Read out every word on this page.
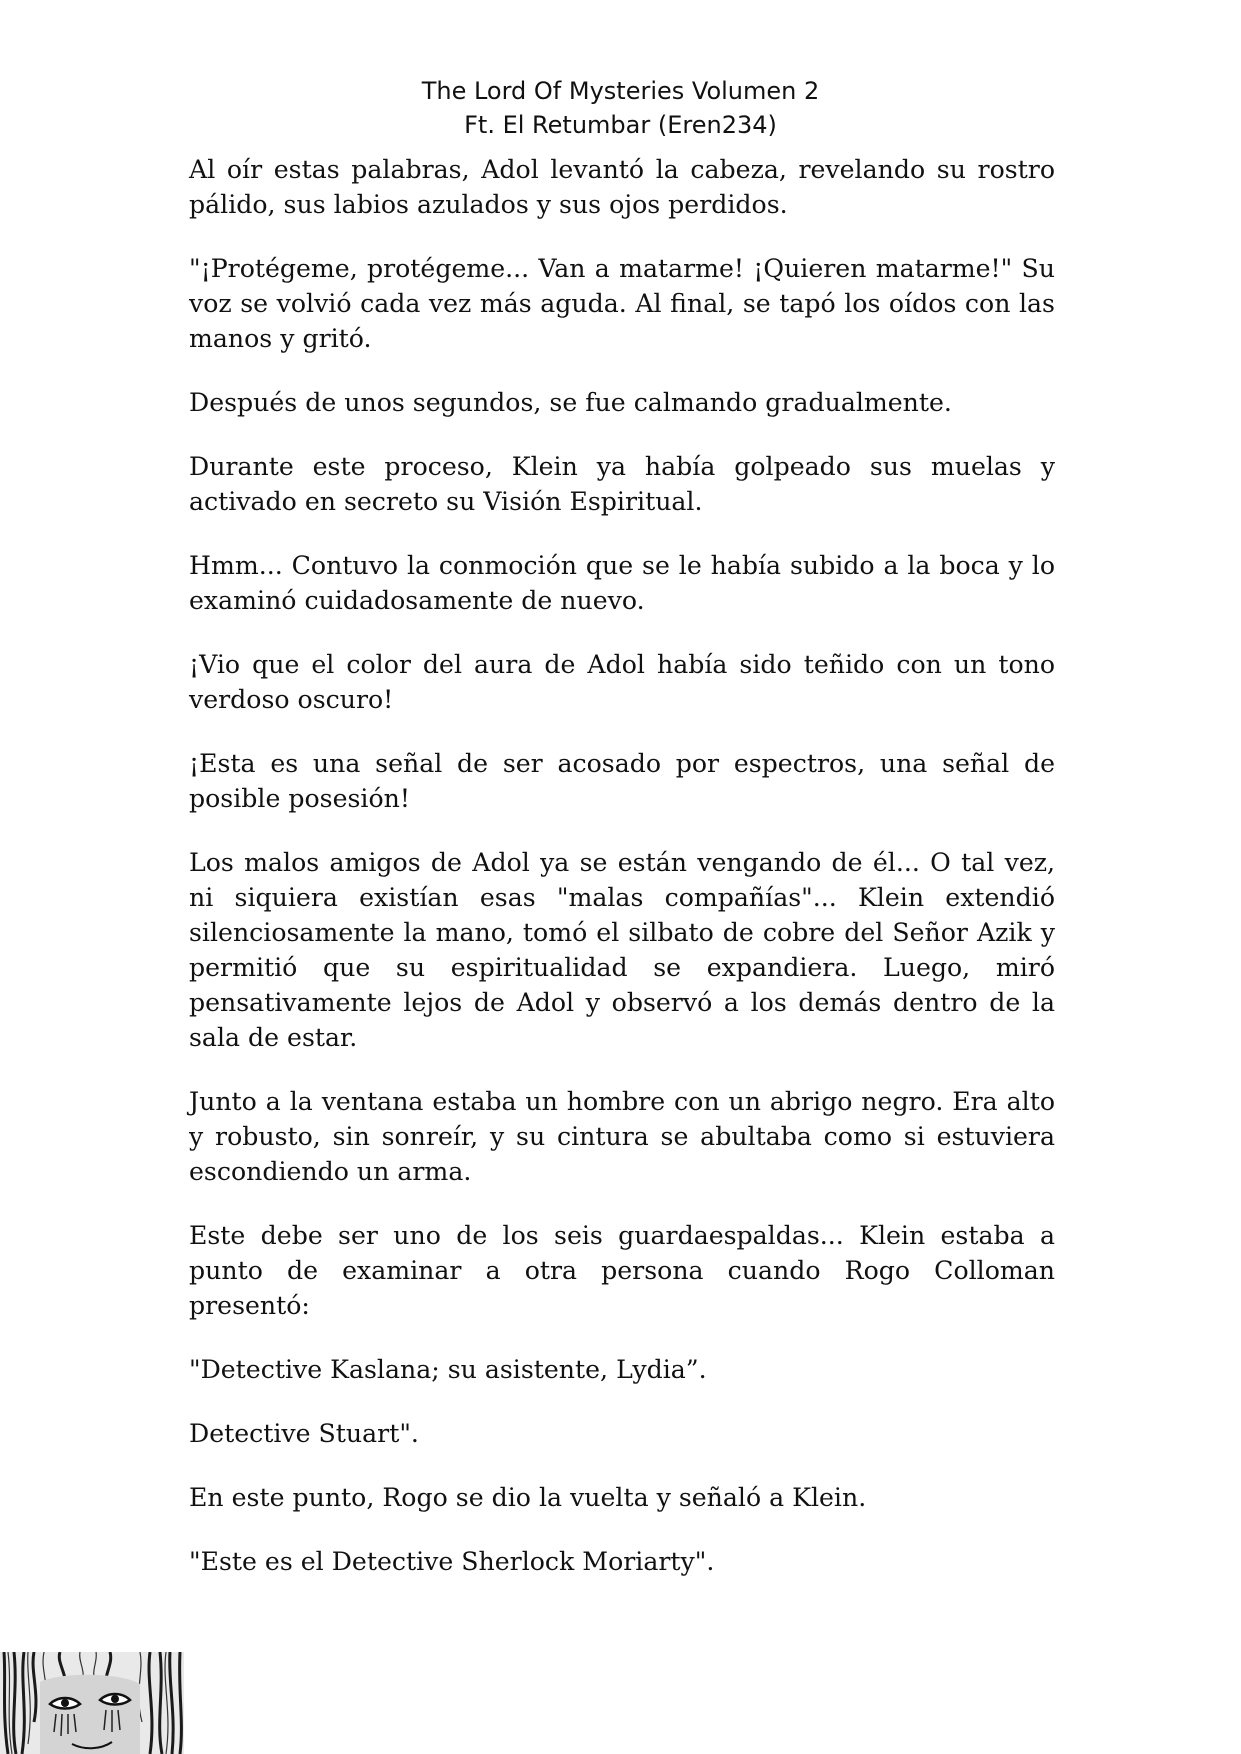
The Lord Of Mysteries Volumen 2
Ft. El Retumbar (Eren234)

Al oír estas palabras, Adol levantó la cabeza, revelando su rostro pálido, sus labios azulados y sus ojos perdidos.

"¡Protégeme, protégeme... Van a matarme! ¡Quieren matarme!" Su voz se volvió cada vez más aguda. Al final, se tapó los oídos con las manos y gritó.

Después de unos segundos, se fue calmando gradualmente.

Durante este proceso, Klein ya había golpeado sus muelas y activado en secreto su Visión Espiritual.

Hmm... Contuvo la conmoción que se le había subido a la boca y lo examinó cuidadosamente de nuevo.

¡Vio que el color del aura de Adol había sido teñido con un tono verdoso oscuro!

¡Esta es una señal de ser acosado por espectros, una señal de posible posesión!

Los malos amigos de Adol ya se están vengando de él... O tal vez, ni siquiera existían esas "malas compañías"... Klein extendió silenciosamente la mano, tomó el silbato de cobre del Señor Azik y permitió que su espiritualidad se expandiera. Luego, miró pensativamente lejos de Adol y observó a los demás dentro de la sala de estar.

Junto a la ventana estaba un hombre con un abrigo negro. Era alto y robusto, sin sonreír, y su cintura se abultaba como si estuviera escondiendo un arma.

Este debe ser uno de los seis guardaespaldas... Klein estaba a punto de examinar a otra persona cuando Rogo Colloman presentó:

"Detective Kaslana; su asistente, Lydia”.

Detective Stuart".

En este punto, Rogo se dio la vuelta y señaló a Klein.

"Este es el Detective Sherlock Moriarty".
